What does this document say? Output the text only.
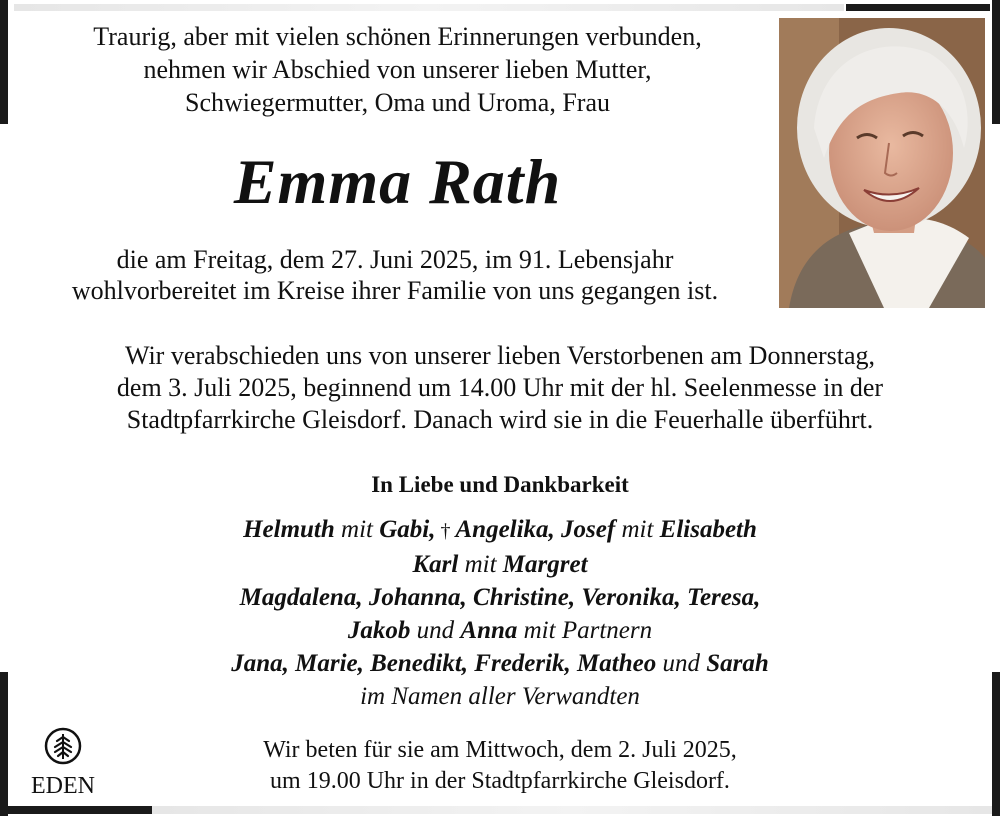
Traurig, aber mit vielen schönen Erinnerungen verbunden,
nehmen wir Abschied von unserer lieben Mutter,
Schwiegermutter, Oma und Uroma, Frau
Emma Rath
die am Freitag, dem 27. Juni 2025, im 91. Lebensjahr
wohlvorbereitet im Kreise ihrer Familie von uns gegangen ist.
Wir verabschieden uns von unserer lieben Verstorbenen am Donnerstag,
dem 3. Juli 2025, beginnend um 14.00 Uhr mit der hl. Seelenmesse in der
Stadtpfarrkirche Gleisdorf. Danach wird sie in die Feuerhalle überführt.
In Liebe und Dankbarkeit
Helmuth mit Gabi, † Angelika, Josef mit Elisabeth
Karl mit Margret
Magdalena, Johanna, Christine, Veronika, Teresa,
Jakob und Anna mit Partnern
Jana, Marie, Benedikt, Frederik, Matheo und Sarah
im Namen aller Verwandten
EDEN
Wir beten für sie am Mittwoch, dem 2. Juli 2025,
um 19.00 Uhr in der Stadtpfarrkirche Gleisdorf.
